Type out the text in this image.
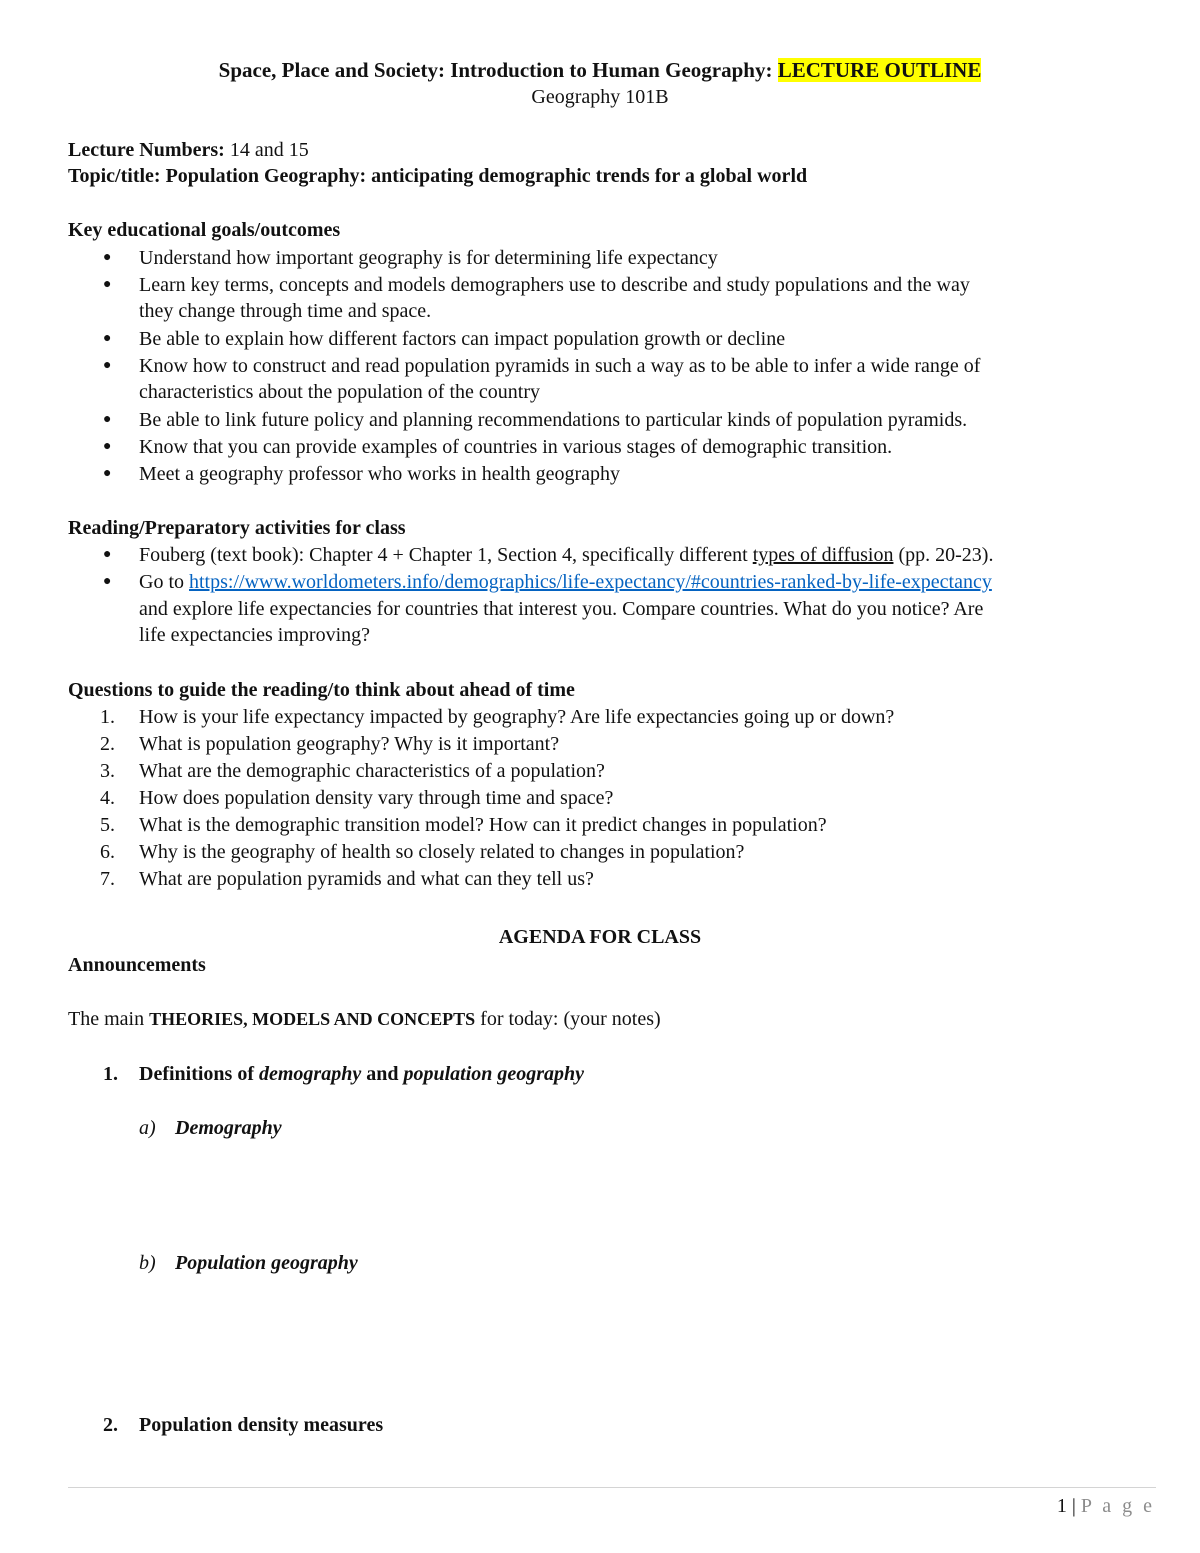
Space, Place and Society: Introduction to Human Geography: LECTURE OUTLINE
Geography 101B
Lecture Numbers: 14 and 15
Topic/title: Population Geography: anticipating demographic trends for a global world
Key educational goals/outcomes
● Understand how important geography is for determining life expectancy
● Learn key terms, concepts and models demographers use to describe and study populations and the way
they change through time and space.
● Be able to explain how different factors can impact population growth or decline
● Know how to construct and read population pyramids in such a way as to be able to infer a wide range of
characteristics about the population of the country
● Be able to link future policy and planning recommendations to particular kinds of population pyramids.
● Know that you can provide examples of countries in various stages of demographic transition.
● Meet a geography professor who works in health geography
Reading/Preparatory activities for class
● Fouberg (text book): Chapter 4 + Chapter 1, Section 4, specifically different types of diffusion (pp. 20-23).
● Go to https://www.worldometers.info/demographics/life-expectancy/#countries-ranked-by-life-expectancy
and explore life expectancies for countries that interest you. Compare countries. What do you notice? Are
life expectancies improving?
Questions to guide the reading/to think about ahead of time
1.	How is your life expectancy impacted by geography? Are life expectancies going up or down?
2.	What is population geography? Why is it important?
3.	What are the demographic characteristics of a population?
4.	How does population density vary through time and space?
5.	What is the demographic transition model? How can it predict changes in population?
6.	Why is the geography of health so closely related to changes in population?
7.	What are population pyramids and what can they tell us?
AGENDA FOR CLASS
Announcements
The main THEORIES, MODELS AND CONCEPTS for today: (your notes)
1.	Definitions of demography and population geography
a) Demography
b) Population geography
2.	Population density measures
1 | P a g e
